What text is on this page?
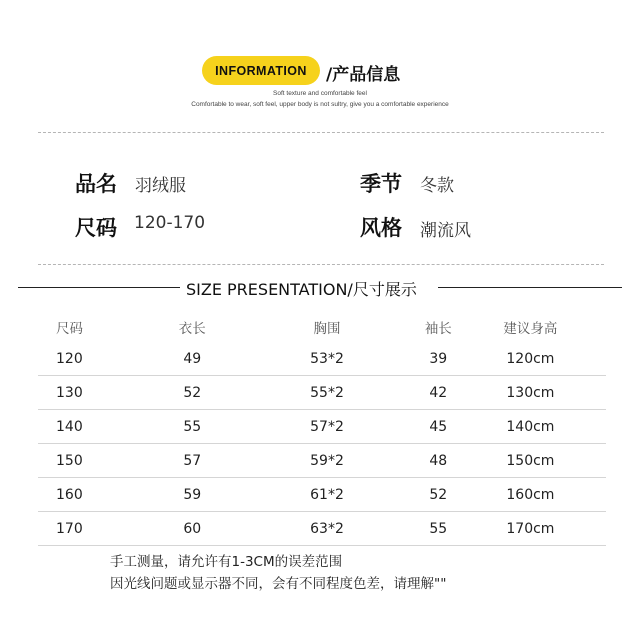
INFORMATION	/产品信息
Soft texture and comfortable feel
Comfortable to wear, soft feel, upper body is not sultry, give you a comfortable experience
品名 羽绒服	季节 冬款
尺码 120-170	风格 潮流风
SIZE PRESENTATION/尺寸展示
尺码	衣长	胸围	袖长	建议身高
120	49	53*2	39	120cm
130	52	55*2	42	130cm
140	55	57*2	45	140cm
150	57	59*2	48	150cm
160	59	61*2	52	160cm
170	60	63*2	55	170cm
手工测量，请允许有1-3CM的误差范围
因光线问题或显示器不同，会有不同程度色差，请理解""
